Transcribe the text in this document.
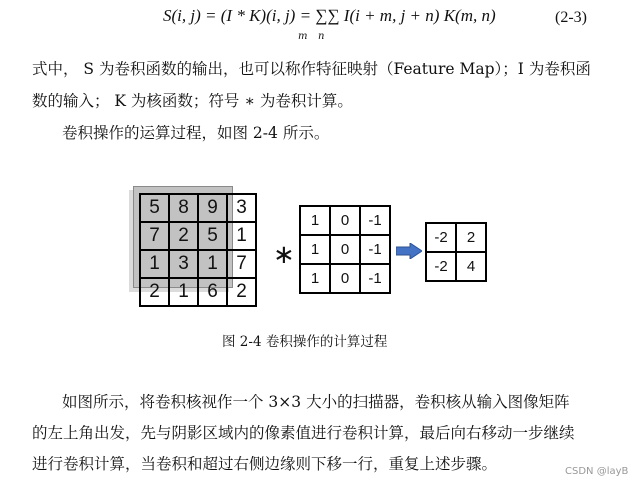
S(i, j) = (I * K)(i, j) = ∑∑ I(i + m, j + n) K(m, n)
m n
(2-3)
式中， S 为卷积函数的输出，也可以称作特征映射（Feature Map）；I 为卷积函
数的输入； K 为核函数；符号 ∗ 为卷积计算。
卷积操作的运算过程，如图 2-4 所示。
5	8	9	3
7	2	5	1
1	3	1	7
2	1	6	2
∗
1	0	-1
1	0	-1
1	0	-1
-2	2
-2	4
图 2-4 卷积操作的计算过程
如图所示，将卷积核视作一个 3×3 大小的扫描器，卷积核从输入图像矩阵
的左上角出发，先与阴影区域内的像素值进行卷积计算，最后向右移动一步继续
进行卷积计算，当卷积和超过右侧边缘则下移一行，重复上述步骤。	CSDN @layB
